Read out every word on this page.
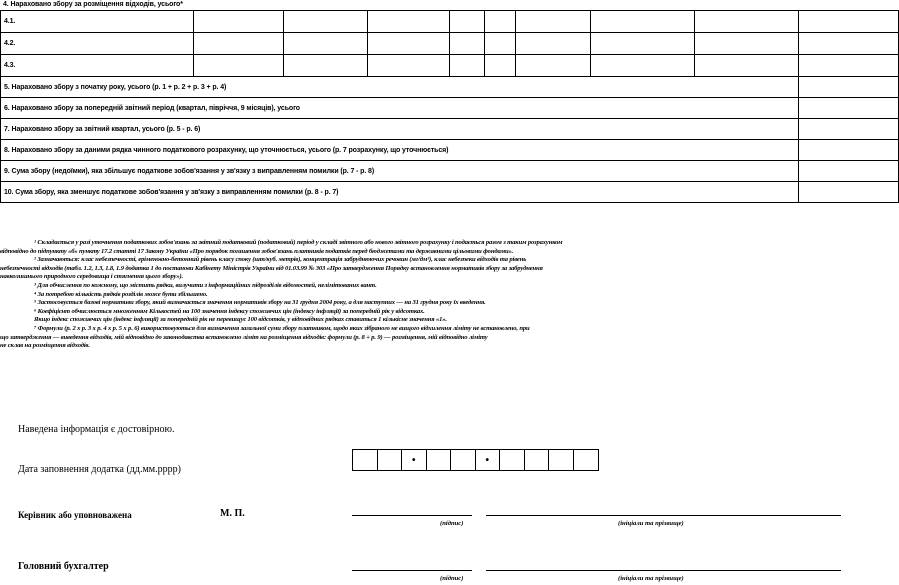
4. Нараховано збору за розміщення відходів, усього*
4.1.									
4.2.									
4.3.									
5. Нараховано збору з початку року, усього (р. 1 + р. 2 + р. 3 + р. 4)									
6. Нараховано збору за попередній звітний період (квартал, півріччя, 9 місяців), усього									
7. Нараховано збору за звітний квартал, усього (р. 5 - р. 6)									
8. Нараховано збору за даними рядка чинного податкового розрахунку, що уточнюється, усього (р. 7 розрахунку, що уточнюється)									
9. Сума збору (недоїмки), яка збільшує податкове зобов'язання у зв'язку з виправленням помилки (р. 7 - р. 8)									
10. Сума збору, яка зменшує податкове зобов'язання у зв'язку з виправленням помилки (р. 8 - р. 7)									

¹ Складається у разі уточнення податкових зобов'язань за звітний податковий (податковий) період у складі звітного або нового звітного розрахунку і подається разом з таким розрахунком

відповідно до підпункту «б» пункту 17.2 статті 17 Закону України «Про порядок погашення зобов'язань платників податків перед бюджетами та державними цільовими фондами».

² Зазначаються: клас небезпечності, еріменовно-бетонний рівень класу споку (шт/куб. метрів), концентрація забруднюючих речовин (мг/дм³), клас небезпеки відходів та рівень

небезпечності відходів (табл. 1.2, 1.3, 1.8, 1.9 додатка 1 до постанови Кабінету Міністрів України від 01.03.99 № 303 «Про затвердження Порядку встановлення нормативів збору за забруднення

навколишнього природного середовища і стягнення цього збору»).

³ Для обчислення по кожному, що містить рядки, вилучити з інформаційних підрозділів відомостей, нелімітованих вант.

⁴ За потребою кількість рядків розділів може бути збільшено.

⁵ Застосовується базові нормативи збору, який визначається значення нормативів збору на 31 грудня 2004 року, а для наступних — на 31 грудня року їх введення.

⁶ Коефіцієнт обчислюється множенням Кількостей на 100 значення індексу споживчих цін (індексу інфляції) за попередній рік у відсотках.

Якщо індекс споживчих цін (індекс інфляції) за попередній рік не перевищує 100 відсотків, у відповідних рядках ставиться 1 кількісне значення «1».

⁷ Формули (р. 2 х р. 3 х р. 4 х р. 5 х р. 6) використовуються для визначення загальної суми збору платником, щодо яких зібраного не вищого відхилення ліміту не встановлено, при

що затвердження — виведення відходів, мій відповідно до законодавства встановлено ліміт на розміщення відходів: формули (р. 8 + р. 9) — розміщення, мій відповідно ліміту

не склав на розміщення відходів.

Наведена інформація є достовірною.
Дата заповнення додатка (дд.мм.рррр)
•	•
Керівник або уповноважена	М. П.
(підпис)	(ініціали та прізвище)
Головний бухгалтер
(підпис)	(ініціали та прізвище)
